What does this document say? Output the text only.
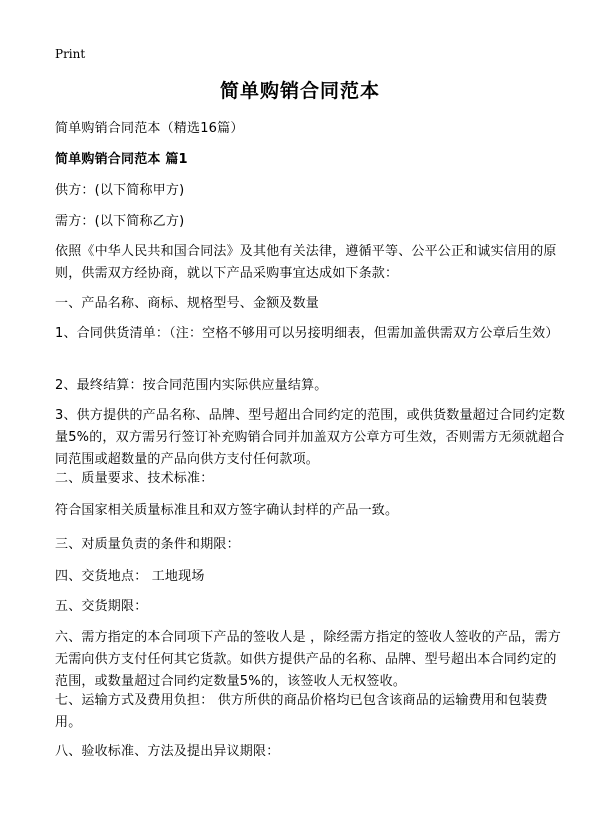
Print
简单购销合同范本
简单购销合同范本（精选16篇）
简单购销合同范本 篇1
供方：(以下简称甲方)
需方：(以下简称乙方)
依照《中华人民共和国合同法》及其他有关法律，遵循平等、公平公正和诚实信用的原则，供需双方经协商，就以下产品采购事宜达成如下条款：
一、产品名称、商标、规格型号、金额及数量
1、合同供货清单：（注：空格不够用可以另接明细表，但需加盖供需双方公章后生效）
2、最终结算：按合同范围内实际供应量结算。
3、供方提供的产品名称、品牌、型号超出合同约定的范围，或供货数量超过合同约定数量5%的，双方需另行签订补充购销合同并加盖双方公章方可生效，否则需方无须就超合同范围或超数量的产品向供方支付任何款项。
二、质量要求、技术标准：
符合国家相关质量标准且和双方签字确认封样的产品一致。
三、对质量负责的条件和期限：
四、交货地点： 工地现场
五、交货期限：
六、需方指定的本合同项下产品的签收人是 ，除经需方指定的签收人签收的产品，需方无需向供方支付任何其它货款。如供方提供产品的名称、品牌、型号超出本合同约定的范围，或数量超过合同约定数量5%的，该签收人无权签收。
七、运输方式及费用负担： 供方所供的商品价格均已包含该商品的运输费用和包装费用。
八、验收标准、方法及提出异议期限：
